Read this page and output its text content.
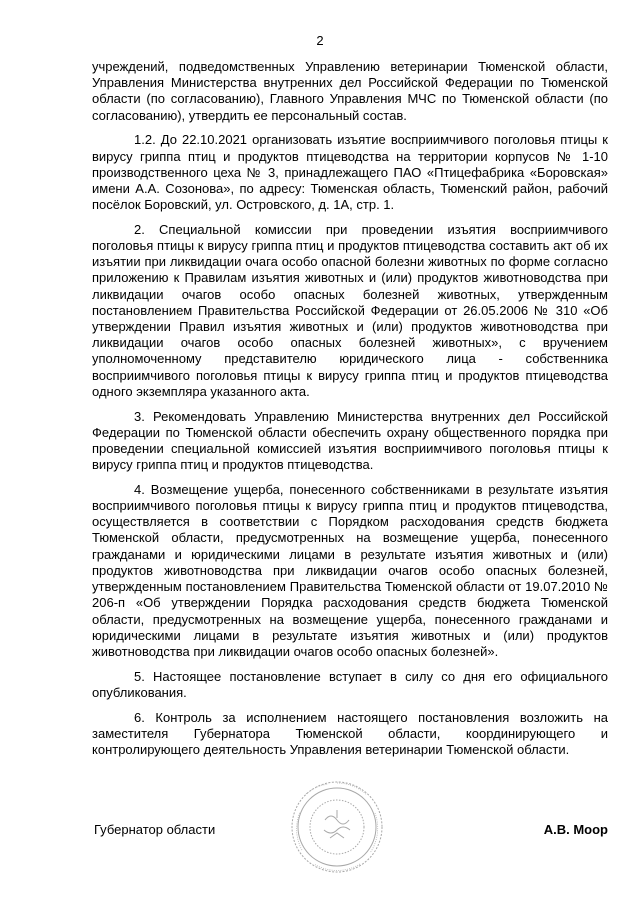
2

учреждений, подведомственных Управлению ветеринарии Тюменской области, Управления Министерства внутренних дел Российской Федерации по Тюменской области (по согласованию), Главного Управления МЧС по Тюменской области (по согласованию), утвердить ее персональный состав.

1.2. До 22.10.2021 организовать изъятие восприимчивого поголовья птицы к вирусу гриппа птиц и продуктов птицеводства на территории корпусов № 1-10 производственного цеха № 3, принадлежащего ПАО «Птицефабрика «Боровская» имени А.А. Созонова», по адресу: Тюменская область, Тюменский район, рабочий посёлок Боровский, ул. Островского, д. 1А, стр. 1.

2. Специальной комиссии при проведении изъятия восприимчивого поголовья птицы к вирусу гриппа птиц и продуктов птицеводства составить акт об их изъятии при ликвидации очага особо опасной болезни животных по форме согласно приложению к Правилам изъятия животных и (или) продуктов животноводства при ликвидации очагов особо опасных болезней животных, утвержденным постановлением Правительства Российской Федерации от 26.05.2006 № 310 «Об утверждении Правил изъятия животных и (или) продуктов животноводства при ликвидации очагов особо опасных болезней животных», с вручением уполномоченному представителю юридического лица - собственника восприимчивого поголовья птицы к вирусу гриппа птиц и продуктов птицеводства одного экземпляра указанного акта.

3. Рекомендовать Управлению Министерства внутренних дел Российской Федерации по Тюменской области обеспечить охрану общественного порядка при проведении специальной комиссией изъятия восприимчивого поголовья птицы к вирусу гриппа птиц и продуктов птицеводства.

4. Возмещение ущерба, понесенного собственниками в результате изъятия восприимчивого поголовья птицы к вирусу гриппа птиц и продуктов птицеводства, осуществляется в соответствии с Порядком расходования средств бюджета Тюменской области, предусмотренных на возмещение ущерба, понесенного гражданами и юридическими лицами в результате изъятия животных и (или) продуктов животноводства при ликвидации очагов особо опасных болезней, утвержденным постановлением Правительства Тюменской области от 19.07.2010 № 206-п «Об утверждении Порядка расходования средств бюджета Тюменской области, предусмотренных на возмещение ущерба, понесенного гражданами и юридическими лицами в результате изъятия животных и (или) продуктов животноводства при ликвидации очагов особо опасных болезней».

5. Настоящее постановление вступает в силу со дня его официального опубликования.

6. Контроль за исполнением настоящего постановления возложить на заместителя Губернатора Тюменской области, координирующего и контролирующего деятельность Управления ветеринарии Тюменской области.

Губернатор области	А.В. Моор
